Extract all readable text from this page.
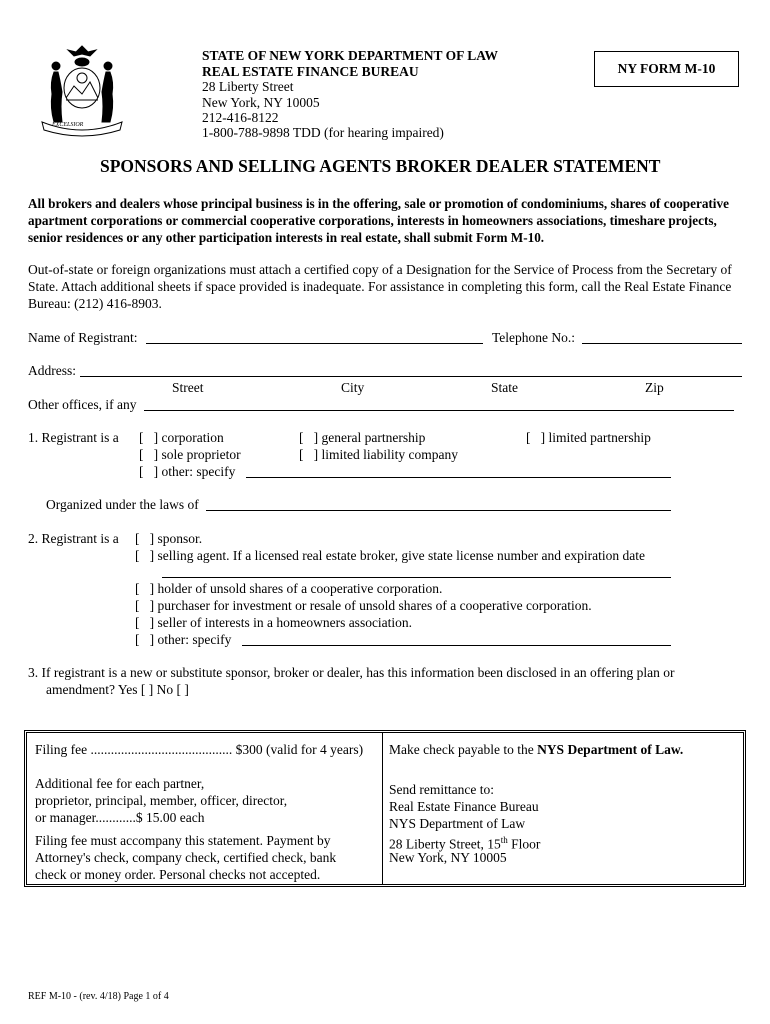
EXCELSIOR
STATE OF NEW YORK DEPARTMENT OF LAW
REAL ESTATE FINANCE BUREAU
28 Liberty Street
New York, NY 10005
212-416-8122
1-800-788-9898 TDD (for hearing impaired)
NY FORM M-10
SPONSORS AND SELLING AGENTS BROKER DEALER STATEMENT
All brokers and dealers whose principal business is in the offering, sale or promotion of condominiums, shares of cooperative apartment corporations or commercial cooperative corporations, interests in homeowners associations, timeshare projects, senior residences or any other participation interests in real estate, shall submit Form M-10.
Out-of-state or foreign organizations must attach a certified copy of a Designation for the Service of Process from the Secretary of State. Attach additional sheets if space provided is inadequate. For assistance in completing this form, call the Real Estate Finance Bureau: (212) 416-8903.
Name of Registrant:	Telephone No.:
Address:
Street	City	State	Zip
Other offices, if any
1. Registrant is a [   ] corporation	[   ] general partnership	[   ] limited partnership
[   ] sole proprietor	[   ] limited liability company
[   ] other: specify
Organized under the laws of
2. Registrant is a [   ] sponsor.
[   ] selling agent. If a licensed real estate broker, give state license number and expiration date
[   ] holder of unsold shares of a cooperative corporation.
[   ] purchaser for investment or resale of unsold shares of a cooperative corporation.
[   ] seller of interests in a homeowners association.
[   ] other: specify
3. If registrant is a new or substitute sponsor, broker or dealer, has this information been disclosed in an offering plan or
amendment? Yes [ ] No [ ]
Filing fee .......................................... $300 (valid for 4 years)
Additional fee for each partner,
proprietor, principal, member, officer, director,
or manager............$ 15.00 each
Filing fee must accompany this statement. Payment by
Attorney's check, company check, certified check, bank
check or money order. Personal checks not accepted.
Make check payable to the NYS Department of Law.
Send remittance to:
Real Estate Finance Bureau
NYS Department of Law
28 Liberty Street, 15th Floor
New York, NY 10005
REF M-10 - (rev. 4/18) Page 1 of 4
